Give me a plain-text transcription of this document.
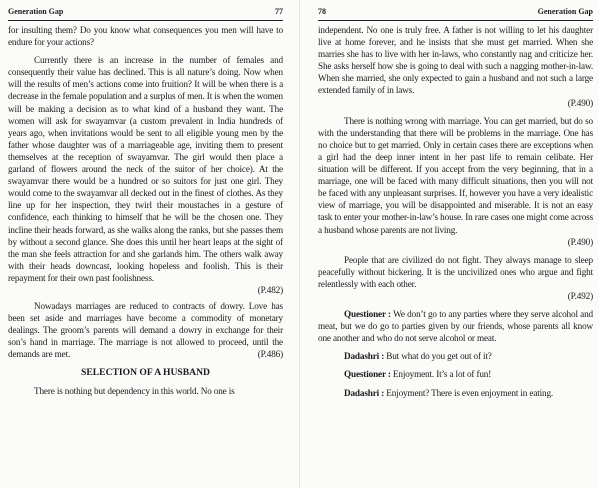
Generation Gap	77

for insulting them? Do you know what consequences you men will have to endure for your actions?

Currently there is an increase in the number of females and consequently their value has declined. This is all nature’s doing. Now when will the results of men’s actions come into fruition? It will be when there is a decrease in the female population and a surplus of men. It is when the women will be making a decision as to what kind of a husband they want. The women will ask for swayamvar (a custom prevalent in India hundreds of years ago, when invitations would be sent to all eligible young men by the father whose daughter was of a marriageable age, inviting them to present themselves at the reception of swayamvar. The girl would then place a garland of flowers around the neck of the suitor of her choice). At the swayamvar there would be a hundred or so suitors for just one girl. They would come to the swayamvar all decked out in the finest of clothes. As they line up for her inspection, they twirl their moustaches in a gesture of confidence, each thinking to himself that he will be the chosen one. They incline their heads forward, as she walks along the ranks, but she passes them by without a second glance. She does this until her heart leaps at the sight of the man she feels attraction for and she garlands him. The others walk away with their heads downcast, looking hopeless and foolish. This is their repayment for their own past foolishness.

(P.482)

Nowadays marriages are reduced to contracts of dowry. Love has been set aside and marriages have become a commodity of monetary dealings. The groom’s parents will demand a dowry in exchange for their son’s hand in marriage. The marriage is not allowed to proceed, until the demands are met.	(P.486)

SELECTION OF A HUSBAND

There is nothing but dependency in this world. No one is

78	Generation Gap

independent. No one is truly free. A father is not willing to let his daughter live at home forever, and he insists that she must get married. When she marries she has to live with her in-laws, who constantly nag and criticize her. She asks herself how she is going to deal with such a nagging mother-in-law. When she married, she only expected to gain a husband and not such a large extended family of in laws.

(P.490)

There is nothing wrong with marriage. You can get married, but do so with the understanding that there will be problems in the marriage. One has no choice but to get married. Only in certain cases there are exceptions when a girl had the deep inner intent in her past life to remain celibate. Her situation will be different. If you accept from the very beginning, that in a marriage, one will be faced with many difficult situations, then you will not be faced with any unpleasant surprises. If, however you have a very idealistic view of marriage, you will be disappointed and miserable. It is not an easy task to enter your mother-in-law’s house. In rare cases one might come across a husband whose parents are not living.

(P.490)

People that are civilized do not fight. They always manage to sleep peacefully without bickering. It is the uncivilized ones who argue and fight relentlessly with each other.

(P.492)

Questioner : We don’t go to any parties where they serve alcohol and meat, but we do go to parties given by our friends, whose parents all know one another and who do not serve alcohol or meat.

Dadashri : But what do you get out of it?

Questioner : Enjoyment. It’s a lot of fun!

Dadashri : Enjoyment? There is even enjoyment in eating.
